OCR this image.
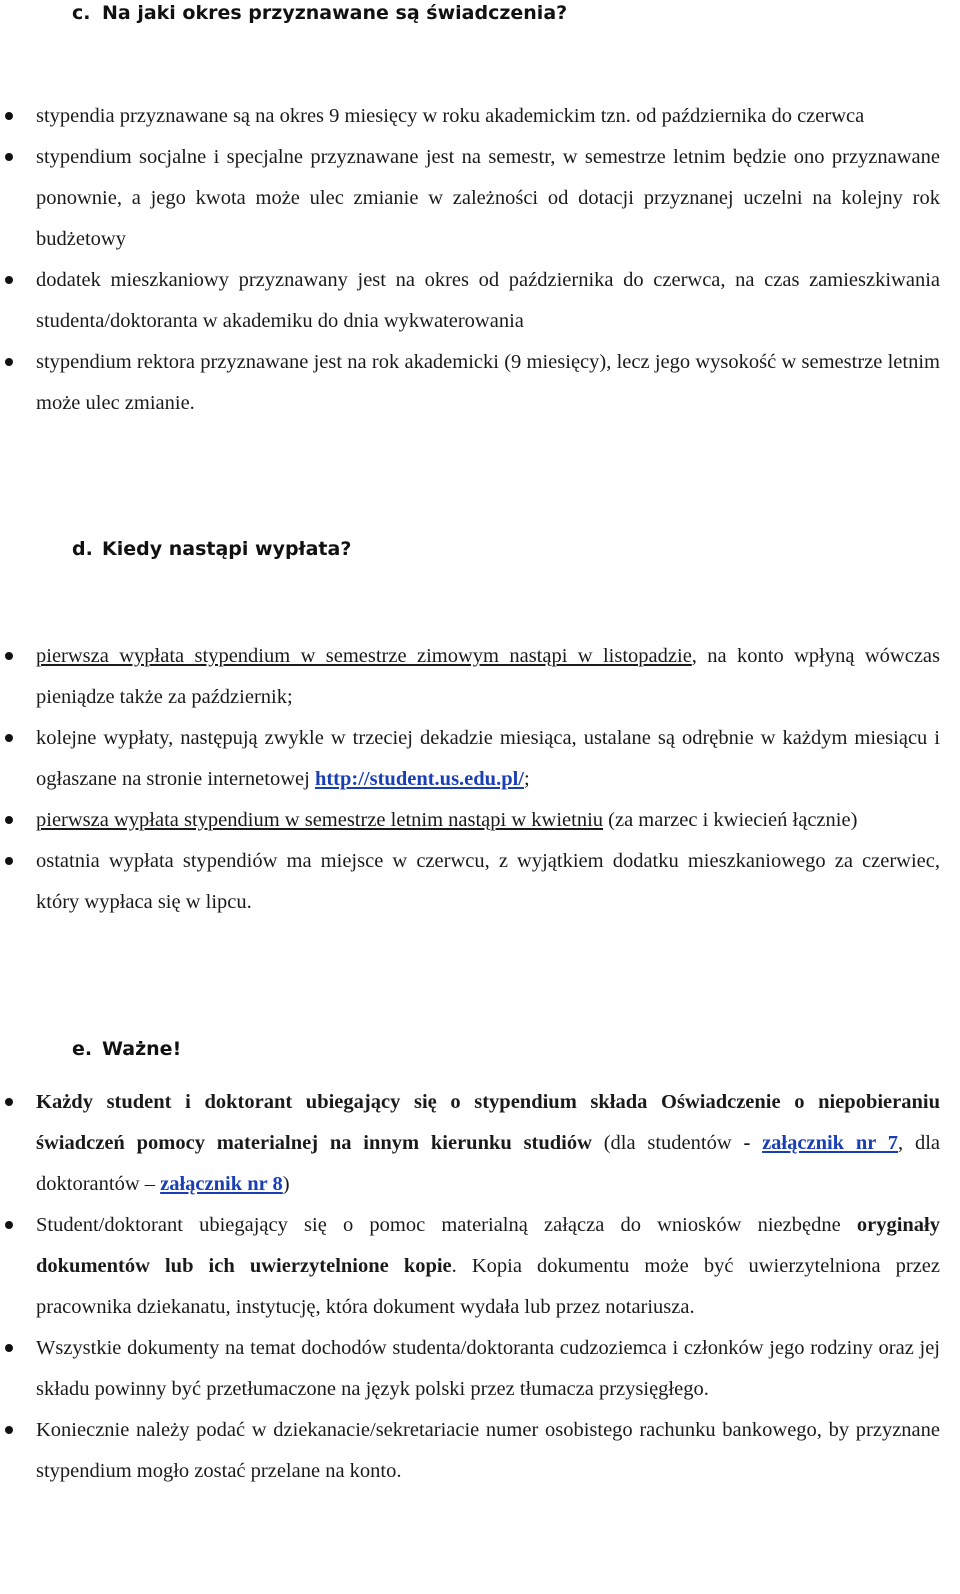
c. Na jaki okres przyznawane są świadczenia?
stypendia przyznawane są na okres 9 miesięcy w roku akademickim tzn. od października do czerwca
stypendium socjalne i specjalne przyznawane jest na semestr, w semestrze letnim będzie ono przyznawane ponownie, a jego kwota może ulec zmianie w zależności od dotacji przyznanej uczelni na kolejny rok budżetowy
dodatek mieszkaniowy przyznawany jest na okres od października do czerwca, na czas zamieszkiwania studenta/doktoranta w akademiku do dnia wykwaterowania
stypendium rektora przyznawane jest na rok akademicki (9 miesięcy), lecz jego wysokość w semestrze letnim może ulec zmianie.
d. Kiedy nastąpi wypłata?
pierwsza wypłata stypendium w semestrze zimowym nastąpi w listopadzie, na konto wpłyną wówczas pieniądze także za październik;
kolejne wypłaty, następują zwykle w trzeciej dekadzie miesiąca, ustalane są odrębnie w każdym miesiącu i ogłaszane na stronie internetowej http://student.us.edu.pl/;
pierwsza wypłata stypendium w semestrze letnim nastąpi w kwietniu (za marzec i kwiecień łącznie)
ostatnia wypłata stypendiów ma miejsce w czerwcu, z wyjątkiem dodatku mieszkaniowego za czerwiec, który wypłaca się w lipcu.
e. Ważne!
Każdy student i doktorant ubiegający się o stypendium składa Oświadczenie o niepobieraniu świadczeń pomocy materialnej na innym kierunku studiów (dla studentów - załącznik nr 7, dla doktorantów – załącznik nr 8)
Student/doktorant ubiegający się o pomoc materialną załącza do wniosków niezbędne oryginały dokumentów lub ich uwierzytelnione kopie. Kopia dokumentu może być uwierzytelniona przez pracownika dziekanatu, instytucję, która dokument wydała lub przez notariusza.
Wszystkie dokumenty na temat dochodów studenta/doktoranta cudzoziemca i członków jego rodziny oraz jej składu powinny być przetłumaczone na język polski przez tłumacza przysięgłego.
Koniecznie należy podać w dziekanacie/sekretariacie numer osobistego rachunku bankowego, by przyznane stypendium mogło zostać przelane na konto.
